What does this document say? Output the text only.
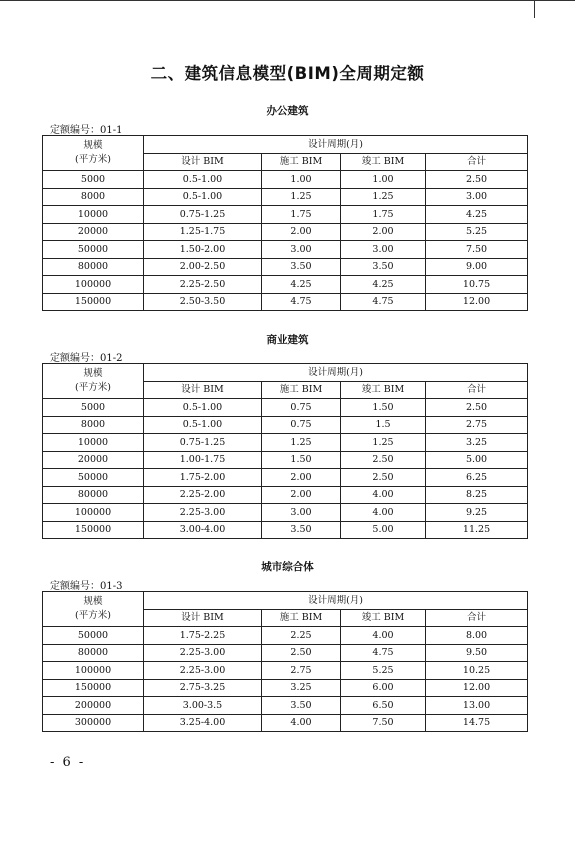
二、建筑信息模型(BIM)全周期定额
办公建筑
定额编号：01-1
规模
(平方米)	设计周期(月)			
	设计 BIM	施工 BIM	竣工 BIM	合计
5000	0.5-1.00	1.00	1.00	2.50
8000	0.5-1.00	1.25	1.25	3.00
10000	0.75-1.25	1.75	1.75	4.25
20000	1.25-1.75	2.00	2.00	5.25
50000	1.50-2.00	3.00	3.00	7.50
80000	2.00-2.50	3.50	3.50	9.00
100000	2.25-2.50	4.25	4.25	10.75
150000	2.50-3.50	4.75	4.75	12.00
商业建筑
定额编号：01-2
规模
(平方米)	设计周期(月)			
	设计 BIM	施工 BIM	竣工 BIM	合计
5000	0.5-1.00	0.75	1.50	2.50
8000	0.5-1.00	0.75	1.5	2.75
10000	0.75-1.25	1.25	1.25	3.25
20000	1.00-1.75	1.50	2.50	5.00
50000	1.75-2.00	2.00	2.50	6.25
80000	2.25-2.00	2.00	4.00	8.25
100000	2.25-3.00	3.00	4.00	9.25
150000	3.00-4.00	3.50	5.00	11.25
城市综合体
定额编号：01-3
规模
(平方米)	设计周期(月)			
	设计 BIM	施工 BIM	竣工 BIM	合计
50000	1.75-2.25	2.25	4.00	8.00
80000	2.25-3.00	2.50	4.75	9.50
100000	2.25-3.00	2.75	5.25	10.25
150000	2.75-3.25	3.25	6.00	12.00
200000	3.00-3.5	3.50	6.50	13.00
300000	3.25-4.00	4.00	7.50	14.75
- 6 -
